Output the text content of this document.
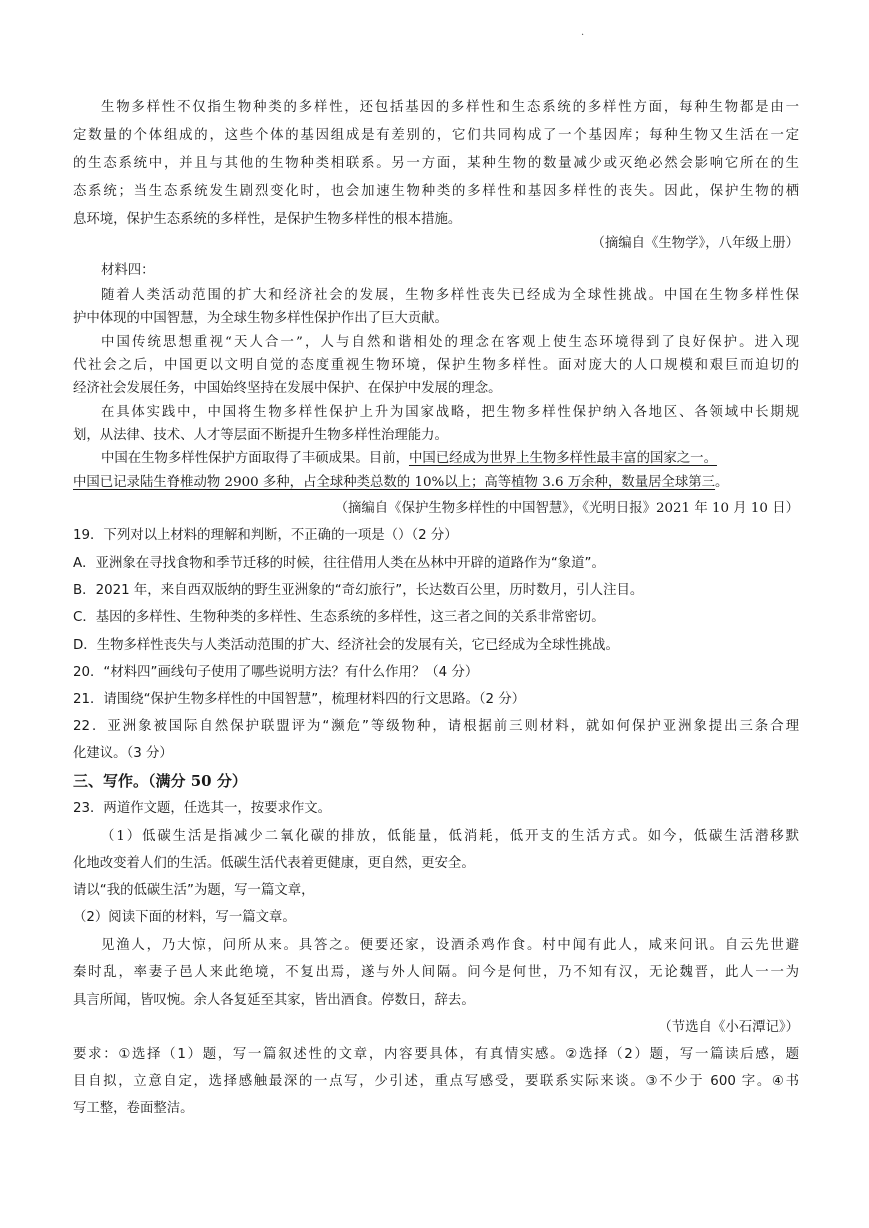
·
生物多样性不仅指生物种类的多样性，还包括基因的多样性和生态系统的多样性方面，每种生物都是由一
定数量的个体组成的，这些个体的基因组成是有差别的，它们共同构成了一个基因库；每种生物又生活在一定
的生态系统中，并且与其他的生物种类相联系。另一方面，某种生物的数量减少或灭绝必然会影响它所在的生
态系统；当生态系统发生剧烈变化时，也会加速生物种类的多样性和基因多样性的丧失。因此，保护生物的栖
息环境，保护生态系统的多样性，是保护生物多样性的根本措施。
（摘编自《生物学》，八年级上册）
材料四：
随着人类活动范围的扩大和经济社会的发展，生物多样性丧失已经成为全球性挑战。中国在生物多样性保
护中体现的中国智慧，为全球生物多样性保护作出了巨大贡献。
中国传统思想重视“天人合一”，人与自然和谐相处的理念在客观上使生态环境得到了良好保护。进入现
代社会之后，中国更以文明自觉的态度重视生物环境，保护生物多样性。面对庞大的人口规模和艰巨而迫切的
经济社会发展任务，中国始终坚持在发展中保护、在保护中发展的理念。
在具体实践中，中国将生物多样性保护上升为国家战略，把生物多样性保护纳入各地区、各领域中长期规
划，从法律、技术、人才等层面不断提升生物多样性治理能力。
中国在生物多样性保护方面取得了丰硕成果。目前，中国已经成为世界上生物多样性最丰富的国家之一。
中国已记录陆生脊椎动物 2900 多种，占全球种类总数的 10%以上；高等植物 3.6 万余种，数量居全球第三。
（摘编自《保护生物多样性的中国智慧》，《光明日报》2021 年 10 月 10 日）
19．下列对以上材料的理解和判断，不正确的一项是（）（2 分）
A．亚洲象在寻找食物和季节迁移的时候，往往借用人类在丛林中开辟的道路作为“象道”。
B．2021 年，来自西双版纳的野生亚洲象的“奇幻旅行”，长达数百公里，历时数月，引人注目。
C．基因的多样性、生物种类的多样性、生态系统的多样性，这三者之间的关系非常密切。
D．生物多样性丧失与人类活动范围的扩大、经济社会的发展有关，它已经成为全球性挑战。
20．“材料四”画线句子使用了哪些说明方法？有什么作用？（4 分）
21．请围绕“保护生物多样性的中国智慧”，梳理材料四的行文思路。（2 分）
22．亚洲象被国际自然保护联盟评为“濒危”等级物种，请根据前三则材料，就如何保护亚洲象提出三条合理
化建议。（3 分）
三、写作。（满分 50 分）
23．两道作文题，任选其一，按要求作文。
（1）低碳生活是指减少二氧化碳的排放，低能量，低消耗，低开支的生活方式。如今，低碳生活潜移默
化地改变着人们的生活。低碳生活代表着更健康，更自然，更安全。
请以“我的低碳生活”为题，写一篇文章，
（2）阅读下面的材料，写一篇文章。
见渔人，乃大惊，问所从来。具答之。便要还家，设酒杀鸡作食。村中闻有此人，咸来问讯。自云先世避
秦时乱，率妻子邑人来此绝境，不复出焉，遂与外人间隔。问今是何世，乃不知有汉，无论魏晋，此人一一为
具言所闻，皆叹惋。余人各复延至其家，皆出酒食。停数日，辞去。
（节选自《小石潭记》）
要求：①选择（1）题，写一篇叙述性的文章，内容要具体，有真情实感。②选择（2）题，写一篇读后感，题
目自拟，立意自定，选择感触最深的一点写，少引述，重点写感受，要联系实际来谈。③不少于 600 字。④书
写工整，卷面整洁。
